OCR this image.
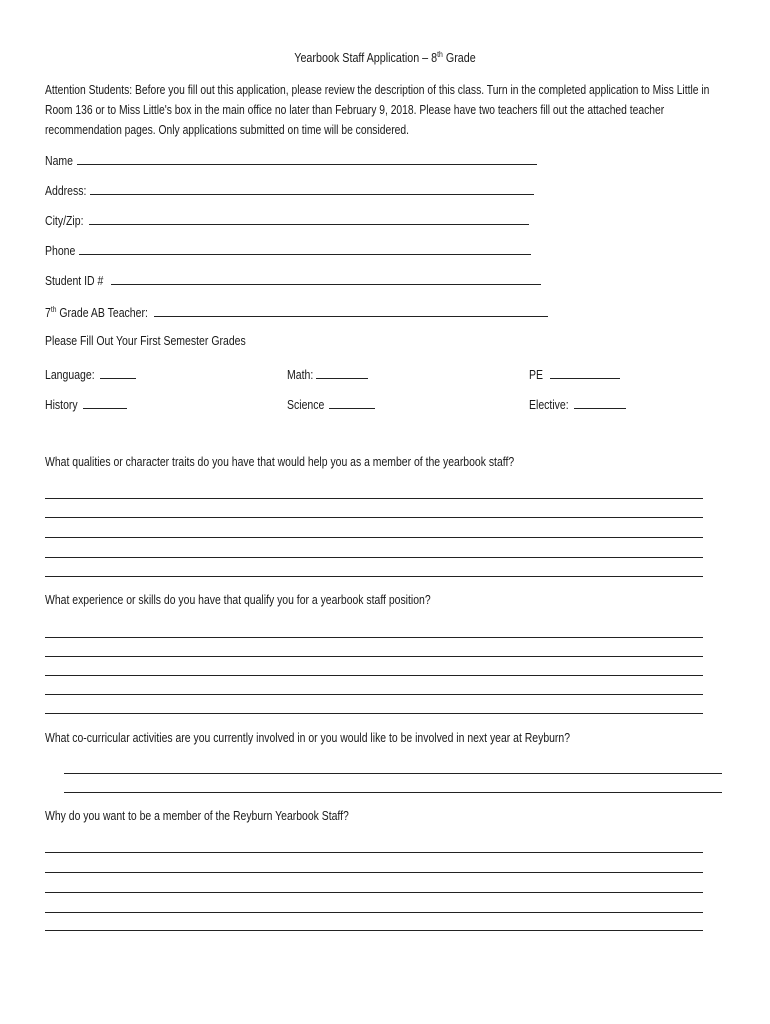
Yearbook Staff Application – 8th Grade
Attention Students: Before you fill out this application, please review the description of this class. Turn in the completed application to Miss Little in Room 136 or to Miss Little's box in the main office no later than February 9, 2018. Please have two teachers fill out the attached teacher recommendation pages. Only applications submitted on time will be considered.
Name
Address:
City/Zip:
Phone
Student ID #
7th Grade AB Teacher:
Please Fill Out Your First Semester Grades
Language:	Math:	PE
History	Science	Elective:
What qualities or character traits do you have that would help you as a member of the yearbook staff?
What experience or skills do you have that qualify you for a yearbook staff position?
What co-curricular activities are you currently involved in or you would like to be involved in next year at Reyburn?
Why do you want to be a member of the Reyburn Yearbook Staff?
